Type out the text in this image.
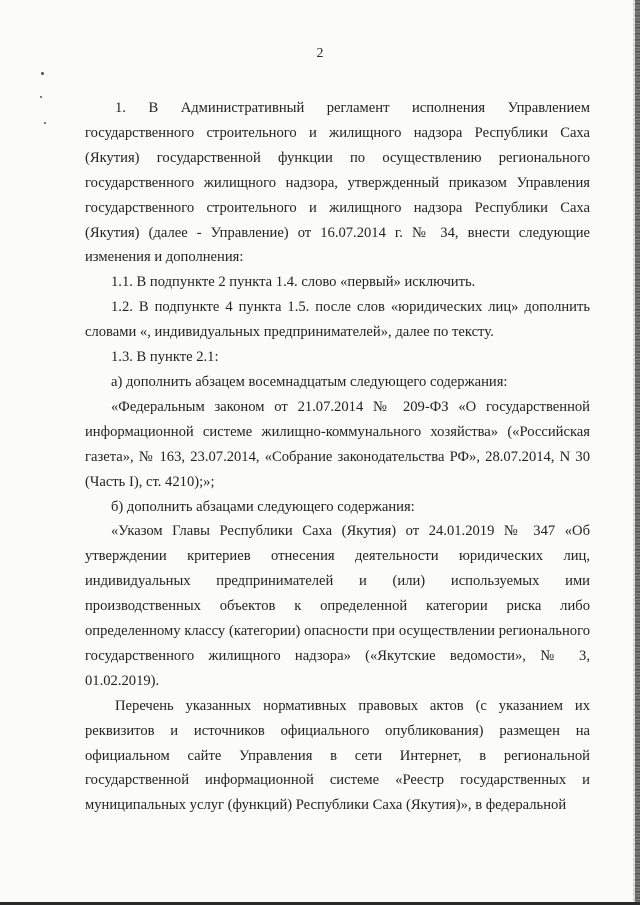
2

1. В Административный регламент исполнения Управлением государственного строительного и жилищного надзора Республики Саха (Якутия) государственной функции по осуществлению регионального государственного жилищного надзора, утвержденный приказом Управления государственного строительного и жилищного надзора Республики Саха (Якутия) (далее - Управление) от 16.07.2014 г. № 34, внести следующие изменения и дополнения:

1.1. В подпункте 2 пункта 1.4. слово «первый» исключить.

1.2. В подпункте 4 пункта 1.5. после слов «юридических лиц» дополнить словами «, индивидуальных предпринимателей», далее по тексту.

1.3. В пункте 2.1:

а) дополнить абзацем восемнадцатым следующего содержания:

«Федеральным законом от 21.07.2014 № 209-ФЗ «О государственной информационной системе жилищно-коммунального хозяйства» («Российская газета», № 163, 23.07.2014, «Собрание законодательства РФ», 28.07.2014, N 30 (Часть I), ст. 4210);»;

б) дополнить абзацами следующего содержания:

«Указом Главы Республики Саха (Якутия) от 24.01.2019 № 347 «Об утверждении критериев отнесения деятельности юридических лиц, индивидуальных предпринимателей и (или) используемых ими производственных объектов к определенной категории риска либо определенному классу (категории) опасности при осуществлении регионального государственного жилищного надзора» («Якутские ведомости», № 3, 01.02.2019).

Перечень указанных нормативных правовых актов (с указанием их реквизитов и источников официального опубликования) размещен на официальном сайте Управления в сети Интернет, в региональной государственной информационной системе «Реестр государственных и муниципальных услуг (функций) Республики Саха (Якутия)», в федеральной
